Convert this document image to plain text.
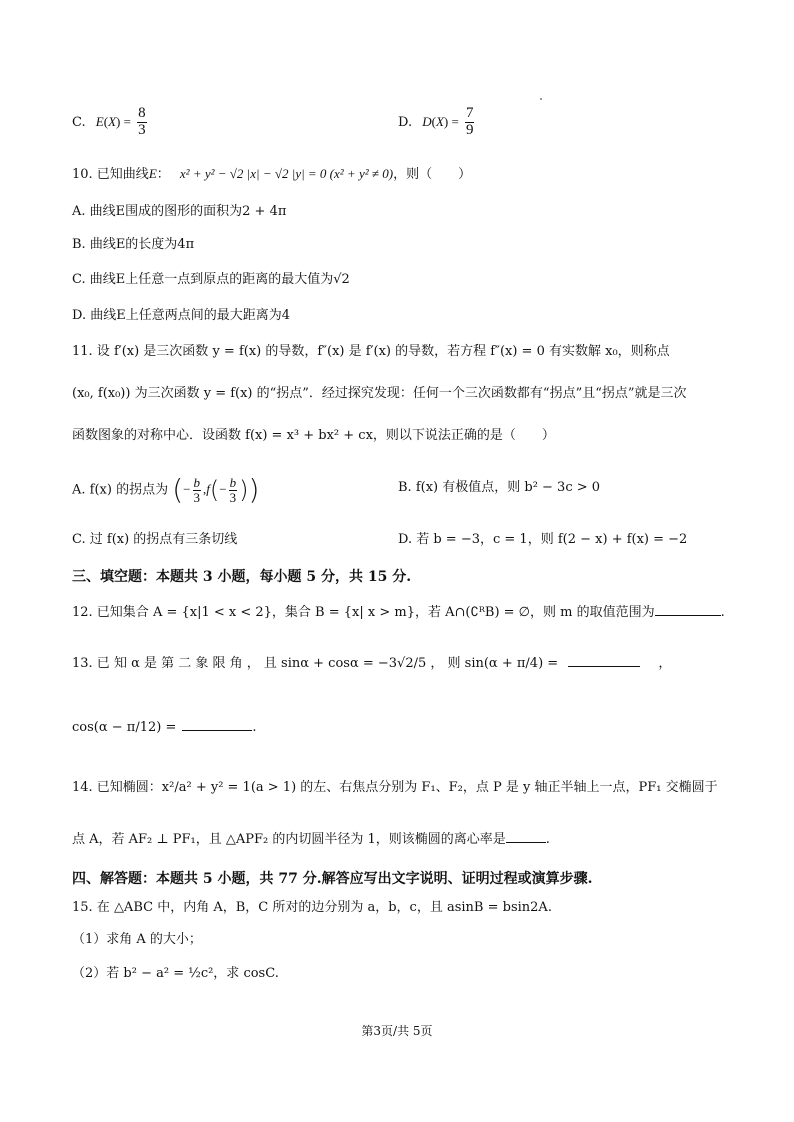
C. $E(X) = \frac{8}{3}$	D. $D(X) = \frac{7}{9}$
10. 已知曲线E： x² + y² − √2 |x| − √2 |y| = 0 (x² + y² ≠ 0)，则（　　）
A. 曲线E围成的图形的面积为2 + 4π
B. 曲线E的长度为4π
C. 曲线E上任意一点到原点的距离的最大值为√2
D. 曲线E上任意两点间的最大距离为4
11. 设 f′(x) 是三次函数 y = f(x) 的导数，f″(x) 是 f′(x) 的导数，若方程 f″(x) = 0 有实数解 x₀，则称点
(x₀, f(x₀)) 为三次函数 y = f(x) 的“拐点”．经过探究发现：任何一个三次函数都有“拐点”且“拐点”就是三次
函数图象的对称中心．设函数 f(x) = x³ + bx² + cx，则以下说法正确的是（　　）
A. f(x) 的拐点为 (− $\frac{b}{3} ,f(- \frac{b}{3}$ ))	B. f(x) 有极值点，则 b² − 3c > 0
C. 过 f(x) 的拐点有三条切线	D. 若 b = −3，c = 1，则 f(2 − x) + f(x) = −2
三、填空题：本题共 3 小题，每小题 5 分，共 15 分.
12. 已知集合 A = {x|1 < x < 2}，集合 B = {x| x > m}，若 A∩(∁ᴿB) = ∅，则 m 的取值范围为	.
13. 已 知 α 是 第 二 象 限 角 ， 且 sinα + cosα = −3√2/5 ， 则 sin(α + π/4) =	，
cos(α − π/12) =	.
14. 已知椭圆：x²/a² + y² = 1(a > 1) 的左、右焦点分别为 F₁、F₂，点 P 是 y 轴正半轴上一点，PF₁ 交椭圆于
点 A，若 AF₂ ⊥ PF₁，且 △APF₂ 的内切圆半径为 1，则该椭圆的离心率是	.
四、解答题：本题共 5 小题，共 77 分.解答应写出文字说明、证明过程或演算步骤.
15. 在 △ABC 中，内角 A，B，C 所对的边分别为 a，b，c，且 asinB = bsin2A.
（1）求角 A 的大小；
（2）若 b² − a² = ½c²，求 cosC.
第3页/共 5页
